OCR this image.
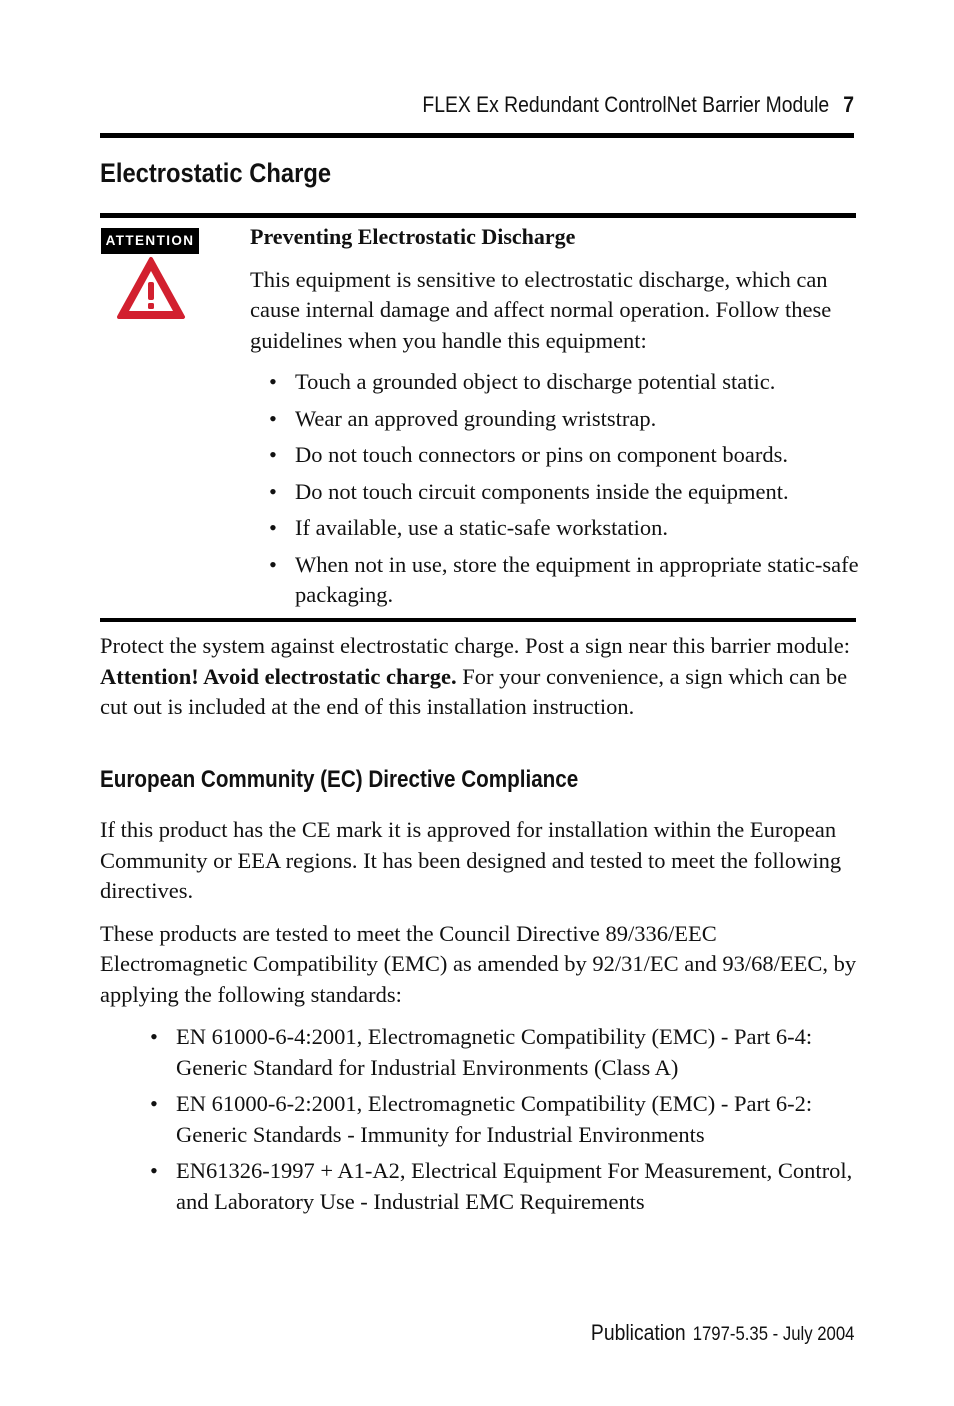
FLEX Ex Redundant ControlNet Barrier Module 7
Electrostatic Charge
ATTENTION	Preventing Electrostatic Discharge

This equipment is sensitive to electrostatic discharge, which can cause internal damage and affect normal operation. Follow these guidelines when you handle this equipment:

• Touch a grounded object to discharge potential static.
• Wear an approved grounding wriststrap.
• Do not touch connectors or pins on component boards.
• Do not touch circuit components inside the equipment.
• If available, use a static-safe workstation.
• When not in use, store the equipment in appropriate static-safe packaging.

Protect the system against electrostatic charge. Post a sign near this barrier module: Attention! Avoid electrostatic charge. For your convenience, a sign which can be cut out is included at the end of this installation instruction.

European Community (EC) Directive Compliance

If this product has the CE mark it is approved for installation within the European Community or EEA regions. It has been designed and tested to meet the following directives.

These products are tested to meet the Council Directive 89/336/EEC Electromagnetic Compatibility (EMC) as amended by 92/31/EC and 93/68/EEC, by applying the following standards:

• EN 61000-6-4:2001, Electromagnetic Compatibility (EMC) - Part 6-4: Generic Standard for Industrial Environments (Class A)
• EN 61000-6-2:2001, Electromagnetic Compatibility (EMC) - Part 6-2: Generic Standards - Immunity for Industrial Environments
• EN61326-1997 + A1-A2, Electrical Equipment For Measurement, Control, and Laboratory Use - Industrial EMC Requirements
Publication 1797-5.35 - July 2004
